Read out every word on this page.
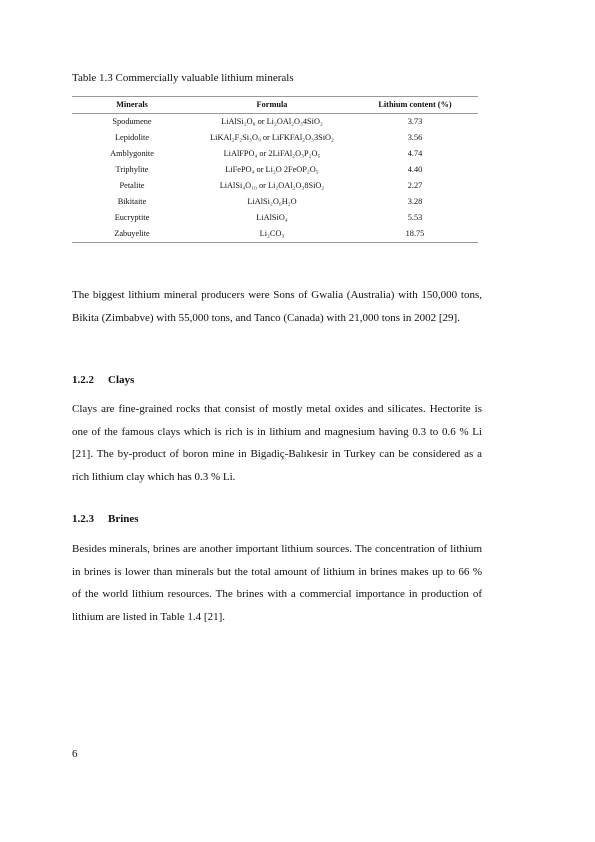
Table 1.3 Commercially valuable lithium minerals
Minerals	Formula	Lithium content (%)
Spodumene	LiAlSi₂O₆ or Li₂OAl₂O₃4SiO₂	3.73
Lepidolite	LiKAl₂F₂Si₃O₉ or LiFKFAl₂O₃3SiO₂	3.56
Amblygonite	LiAlFPO₄ or 2LiFAl₂O₃P₂O₅	4.74
Triphylite	LiFePO₄ or Li₂O 2FeOP₂O₅	4.40
Petalite	LiAlSi₄O₁₀ or Li₂OAl₂O₃8SiO₂	2.27
Bikitaite	LiAlSi₂O₆H₂O	3.28
Eucryptite	LiAlSiO₄	5.53
Zabuyelite	Li₂CO₃	18.75

The biggest lithium mineral producers were Sons of Gwalia (Australia) with 150,000 tons, Bikita (Zimbabve) with 55,000 tons, and Tanco (Canada) with 21,000 tons in 2002 [29].

1.2.2 Clays

Clays are fine-grained rocks that consist of mostly metal oxides and silicates. Hectorite is one of the famous clays which is rich is in lithium and magnesium having 0.3 to 0.6 % Li [21]. The by-product of boron mine in Bigadiç-Balıkesir in Turkey can be considered as a rich lithium clay which has 0.3 % Li.

1.2.3 Brines

Besides minerals, brines are another important lithium sources. The concentration of lithium in brines is lower than minerals but the total amount of lithium in brines makes up to 66 % of the world lithium resources. The brines with a commercial importance in production of lithium are listed in Table 1.4 [21].

6
